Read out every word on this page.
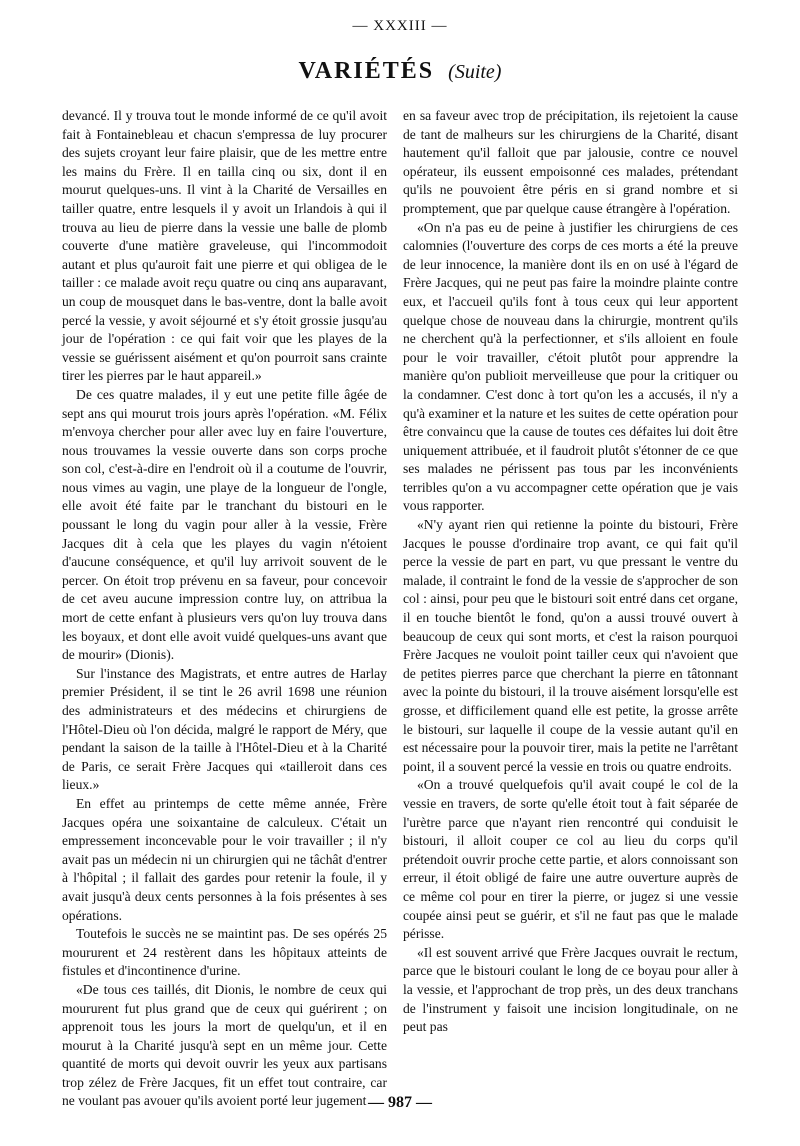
— XXXIII —
VARIÉTÉS (Suite)

devancé. Il y trouva tout le monde informé de ce qu'il avoit fait à Fontainebleau et chacun s'empressa de luy procurer des sujets croyant leur faire plaisir, que de les mettre entre les mains du Frère. Il en tailla cinq ou six, dont il en mourut quelques-uns. Il vint à la Charité de Versailles en tailler quatre, entre lesquels il y avoit un Irlandois à qui il trouva au lieu de pierre dans la vessie une balle de plomb couverte d'une matière graveleuse, qui l'incommodoit autant et plus qu'auroit fait une pierre et qui obligea de le tailler : ce malade avoit reçu quatre ou cinq ans auparavant, un coup de mousquet dans le bas-ventre, dont la balle avoit percé la vessie, y avoit séjourné et s'y étoit grossie jusqu'au jour de l'opération : ce qui fait voir que les playes de la vessie se guérissent aisément et qu'on pourroit sans crainte tirer les pierres par le haut appareil.»

De ces quatre malades, il y eut une petite fille âgée de sept ans qui mourut trois jours après l'opération. «M. Félix m'envoya chercher pour aller avec luy en faire l'ouverture, nous trouvames la vessie ouverte dans son corps proche son col, c'est-à-dire en l'endroit où il a coutume de l'ouvrir, nous vimes au vagin, une playe de la longueur de l'ongle, elle avoit été faite par le tranchant du bistouri en le poussant le long du vagin pour aller à la vessie, Frère Jacques dit à cela que les playes du vagin n'étoient d'aucune conséquence, et qu'il luy arrivoit souvent de le percer. On étoit trop prévenu en sa faveur, pour concevoir de cet aveu aucune impression contre luy, on attribua la mort de cette enfant à plusieurs vers qu'on luy trouva dans les boyaux, et dont elle avoit vuidé quelques-uns avant que de mourir» (Dionis).

Sur l'instance des Magistrats, et entre autres de Harlay premier Président, il se tint le 26 avril 1698 une réunion des administrateurs et des médecins et chirurgiens de l'Hôtel-Dieu où l'on décida, malgré le rapport de Méry, que pendant la saison de la taille à l'Hôtel-Dieu et à la Charité de Paris, ce serait Frère Jacques qui «tailleroit dans ces lieux.»

En effet au printemps de cette même année, Frère Jacques opéra une soixantaine de calculeux. C'était un empressement inconcevable pour le voir travailler ; il n'y avait pas un médecin ni un chirurgien qui ne tâchât d'entrer à l'hôpital ; il fallait des gardes pour retenir la foule, il y avait jusqu'à deux cents personnes à la fois présentes à ses opérations.

Toutefois le succès ne se maintint pas. De ses opérés 25 moururent et 24 restèrent dans les hôpitaux atteints de fistules et d'incontinence d'urine.

«De tous ces taillés, dit Dionis, le nombre de ceux qui moururent fut plus grand que de ceux qui guérirent ; on apprenoit tous les jours la mort de quelqu'un, et il en mourut à la Charité jusqu'à sept en un même jour. Cette quantité de morts qui devoit ouvrir les yeux aux partisans trop zélez de Frère Jacques, fit un effet tout contraire, car ne voulant pas avouer qu'ils avoient porté leur jugement

en sa faveur avec trop de précipitation, ils rejetoient la cause de tant de malheurs sur les chirurgiens de la Charité, disant hautement qu'il falloit que par jalousie, contre ce nouvel opérateur, ils eussent empoisonné ces malades, prétendant qu'ils ne pouvoient être péris en si grand nombre et si promptement, que par quelque cause étrangère à l'opération.

«On n'a pas eu de peine à justifier les chirurgiens de ces calomnies (l'ouverture des corps de ces morts a été la preuve de leur innocence, la manière dont ils en on usé à l'égard de Frère Jacques, qui ne peut pas faire la moindre plainte contre eux, et l'accueil qu'ils font à tous ceux qui leur apportent quelque chose de nouveau dans la chirurgie, montrent qu'ils ne cherchent qu'à la perfectionner, et s'ils alloient en foule pour le voir travailler, c'étoit plutôt pour apprendre la manière qu'on publioit merveilleuse que pour la critiquer ou la condamner. C'est donc à tort qu'on les a accusés, il n'y a qu'à examiner et la nature et les suites de cette opération pour être convaincu que la cause de toutes ces défaites lui doit être uniquement attribuée, et il faudroit plutôt s'étonner de ce que ses malades ne périssent pas tous par les inconvénients terribles qu'on a vu accompagner cette opération que je vais vous rapporter.

«N'y ayant rien qui retienne la pointe du bistouri, Frère Jacques le pousse d'ordinaire trop avant, ce qui fait qu'il perce la vessie de part en part, vu que pressant le ventre du malade, il contraint le fond de la vessie de s'approcher de son col : ainsi, pour peu que le bistouri soit entré dans cet organe, il en touche bientôt le fond, qu'on a aussi trouvé ouvert à beaucoup de ceux qui sont morts, et c'est la raison pourquoi Frère Jacques ne vouloit point tailler ceux qui n'avoient que de petites pierres parce que cherchant la pierre en tâtonnant avec la pointe du bistouri, il la trouve aisément lorsqu'elle est grosse, et difficilement quand elle est petite, la grosse arrête le bistouri, sur laquelle il coupe de la vessie autant qu'il en est nécessaire pour la pouvoir tirer, mais la petite ne l'arrêtant point, il a souvent percé la vessie en trois ou quatre endroits.

«On a trouvé quelquefois qu'il avait coupé le col de la vessie en travers, de sorte qu'elle étoit tout à fait séparée de l'urètre parce que n'ayant rien rencontré qui conduisit le bistouri, il alloit couper ce col au lieu du corps qu'il prétendoit ouvrir proche cette partie, et alors connoissant son erreur, il étoit obligé de faire une autre ouverture auprès de ce même col pour en tirer la pierre, or jugez si une vessie coupée ainsi peut se guérir, et s'il ne faut pas que le malade périsse.

«Il est souvent arrivé que Frère Jacques ouvrait le rectum, parce que le bistouri coulant le long de ce boyau pour aller à la vessie, et l'approchant de trop près, un des deux tranchans de l'instrument y faisoit une incision longitudinale, on ne peut pas

— 987 —
